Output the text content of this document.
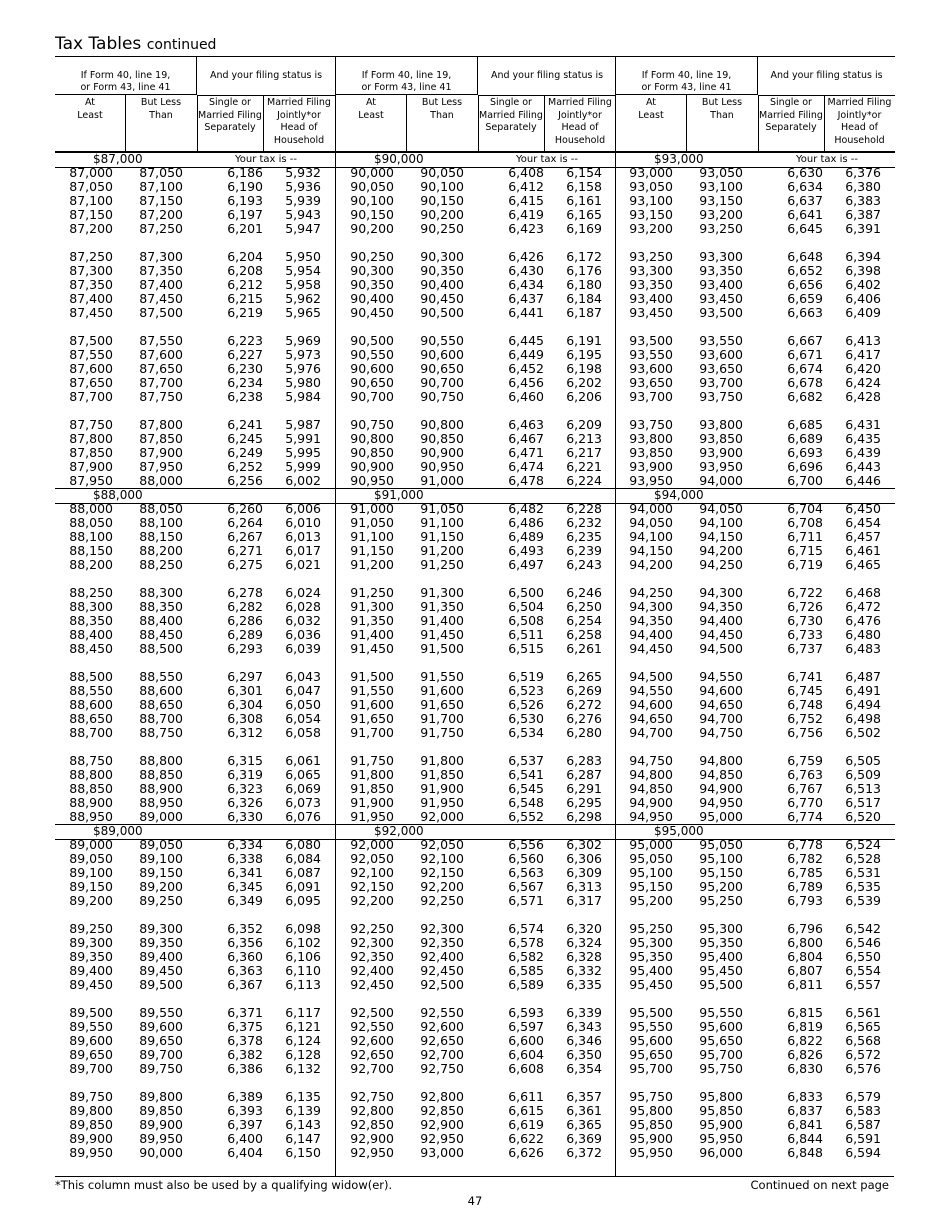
Tax Tables continued
If Form 40, line 19,
or Form 43, line 41
And your filing status is
At
Least
But Less
Than
Single or
Married Filing
Separately
Married Filing
Jointly*or
Head of
Household
$87,000	Your tax is --
87,000 87,050	6,186 5,932
87,050 87,100	6,190 5,936
87,100 87,150	6,193 5,939
87,150 87,200	6,197 5,943
87,200 87,250	6,201 5,947
87,250 87,300	6,204 5,950
87,300 87,350	6,208 5,954
87,350 87,400	6,212 5,958
87,400 87,450	6,215 5,962
87,450 87,500	6,219 5,965
87,500 87,550	6,223 5,969
87,550 87,600	6,227 5,973
87,600 87,650	6,230 5,976
87,650 87,700	6,234 5,980
87,700 87,750	6,238 5,984
87,750 87,800	6,241 5,987
87,800 87,850	6,245 5,991
87,850 87,900	6,249 5,995
87,900 87,950	6,252 5,999
87,950 88,000	6,256 6,002
$88,000
88,000 88,050	6,260 6,006
88,050 88,100	6,264 6,010
88,100 88,150	6,267 6,013
88,150 88,200	6,271 6,017
88,200 88,250	6,275 6,021
88,250 88,300	6,278 6,024
88,300 88,350	6,282 6,028
88,350 88,400	6,286 6,032
88,400 88,450	6,289 6,036
88,450 88,500	6,293 6,039
88,500 88,550	6,297 6,043
88,550 88,600	6,301 6,047
88,600 88,650	6,304 6,050
88,650 88,700	6,308 6,054
88,700 88,750	6,312 6,058
88,750 88,800	6,315 6,061
88,800 88,850	6,319 6,065
88,850 88,900	6,323 6,069
88,900 88,950	6,326 6,073
88,950 89,000	6,330 6,076
$89,000
89,000 89,050	6,334 6,080
89,050 89,100	6,338 6,084
89,100 89,150	6,341 6,087
89,150 89,200	6,345 6,091
89,200 89,250	6,349 6,095
89,250 89,300	6,352 6,098
89,300 89,350	6,356 6,102
89,350 89,400	6,360 6,106
89,400 89,450	6,363 6,110
89,450 89,500	6,367 6,113
89,500 89,550	6,371 6,117
89,550 89,600	6,375 6,121
89,600 89,650	6,378 6,124
89,650 89,700	6,382 6,128
89,700 89,750	6,386 6,132
89,750 89,800	6,389 6,135
89,800 89,850	6,393 6,139
89,850 89,900	6,397 6,143
89,900 89,950	6,400 6,147
89,950 90,000	6,404 6,150
If Form 40, line 19,
or Form 43, line 41
And your filing status is
At
Least
But Less
Than
Single or
Married Filing
Separately
Married Filing
Jointly*or
Head of
Household
$90,000	Your tax is --
90,000 90,050	6,408 6,154
90,050 90,100	6,412 6,158
90,100 90,150	6,415 6,161
90,150 90,200	6,419 6,165
90,200 90,250	6,423 6,169
90,250 90,300	6,426 6,172
90,300 90,350	6,430 6,176
90,350 90,400	6,434 6,180
90,400 90,450	6,437 6,184
90,450 90,500	6,441 6,187
90,500 90,550	6,445 6,191
90,550 90,600	6,449 6,195
90,600 90,650	6,452 6,198
90,650 90,700	6,456 6,202
90,700 90,750	6,460 6,206
90,750 90,800	6,463 6,209
90,800 90,850	6,467 6,213
90,850 90,900	6,471 6,217
90,900 90,950	6,474 6,221
90,950 91,000	6,478 6,224
$91,000
91,000 91,050	6,482 6,228
91,050 91,100	6,486 6,232
91,100 91,150	6,489 6,235
91,150 91,200	6,493 6,239
91,200 91,250	6,497 6,243
91,250 91,300	6,500 6,246
91,300 91,350	6,504 6,250
91,350 91,400	6,508 6,254
91,400 91,450	6,511 6,258
91,450 91,500	6,515 6,261
91,500 91,550	6,519 6,265
91,550 91,600	6,523 6,269
91,600 91,650	6,526 6,272
91,650 91,700	6,530 6,276
91,700 91,750	6,534 6,280
91,750 91,800	6,537 6,283
91,800 91,850	6,541 6,287
91,850 91,900	6,545 6,291
91,900 91,950	6,548 6,295
91,950 92,000	6,552 6,298
$92,000
92,000 92,050	6,556 6,302
92,050 92,100	6,560 6,306
92,100 92,150	6,563 6,309
92,150 92,200	6,567 6,313
92,200 92,250	6,571 6,317
92,250 92,300	6,574 6,320
92,300 92,350	6,578 6,324
92,350 92,400	6,582 6,328
92,400 92,450	6,585 6,332
92,450 92,500	6,589 6,335
92,500 92,550	6,593 6,339
92,550 92,600	6,597 6,343
92,600 92,650	6,600 6,346
92,650 92,700	6,604 6,350
92,700 92,750	6,608 6,354
92,750 92,800	6,611 6,357
92,800 92,850	6,615 6,361
92,850 92,900	6,619 6,365
92,900 92,950	6,622 6,369
92,950 93,000	6,626 6,372
If Form 40, line 19,
or Form 43, line 41
And your filing status is
At
Least
But Less
Than
Single or
Married Filing
Separately
Married Filing
Jointly*or
Head of
Household
$93,000	Your tax is --
93,000 93,050	6,630 6,376
93,050 93,100	6,634 6,380
93,100 93,150	6,637 6,383
93,150 93,200	6,641 6,387
93,200 93,250	6,645 6,391
93,250 93,300	6,648 6,394
93,300 93,350	6,652 6,398
93,350 93,400	6,656 6,402
93,400 93,450	6,659 6,406
93,450 93,500	6,663 6,409
93,500 93,550	6,667 6,413
93,550 93,600	6,671 6,417
93,600 93,650	6,674 6,420
93,650 93,700	6,678 6,424
93,700 93,750	6,682 6,428
93,750 93,800	6,685 6,431
93,800 93,850	6,689 6,435
93,850 93,900	6,693 6,439
93,900 93,950	6,696 6,443
93,950 94,000	6,700 6,446
$94,000
94,000 94,050	6,704 6,450
94,050 94,100	6,708 6,454
94,100 94,150	6,711 6,457
94,150 94,200	6,715 6,461
94,200 94,250	6,719 6,465
94,250 94,300	6,722 6,468
94,300 94,350	6,726 6,472
94,350 94,400	6,730 6,476
94,400 94,450	6,733 6,480
94,450 94,500	6,737 6,483
94,500 94,550	6,741 6,487
94,550 94,600	6,745 6,491
94,600 94,650	6,748 6,494
94,650 94,700	6,752 6,498
94,700 94,750	6,756 6,502
94,750 94,800	6,759 6,505
94,800 94,850	6,763 6,509
94,850 94,900	6,767 6,513
94,900 94,950	6,770 6,517
94,950 95,000	6,774 6,520
$95,000
95,000 95,050	6,778 6,524
95,050 95,100	6,782 6,528
95,100 95,150	6,785 6,531
95,150 95,200	6,789 6,535
95,200 95,250	6,793 6,539
95,250 95,300	6,796 6,542
95,300 95,350	6,800 6,546
95,350 95,400	6,804 6,550
95,400 95,450	6,807 6,554
95,450 95,500	6,811 6,557
95,500 95,550	6,815 6,561
95,550 95,600	6,819 6,565
95,600 95,650	6,822 6,568
95,650 95,700	6,826 6,572
95,700 95,750	6,830 6,576
95,750 95,800	6,833 6,579
95,800 95,850	6,837 6,583
95,850 95,900	6,841 6,587
95,900 95,950	6,844 6,591
95,950 96,000	6,848 6,594
*This column must also be used by a qualifying widow(er).	Continued on next page
47
